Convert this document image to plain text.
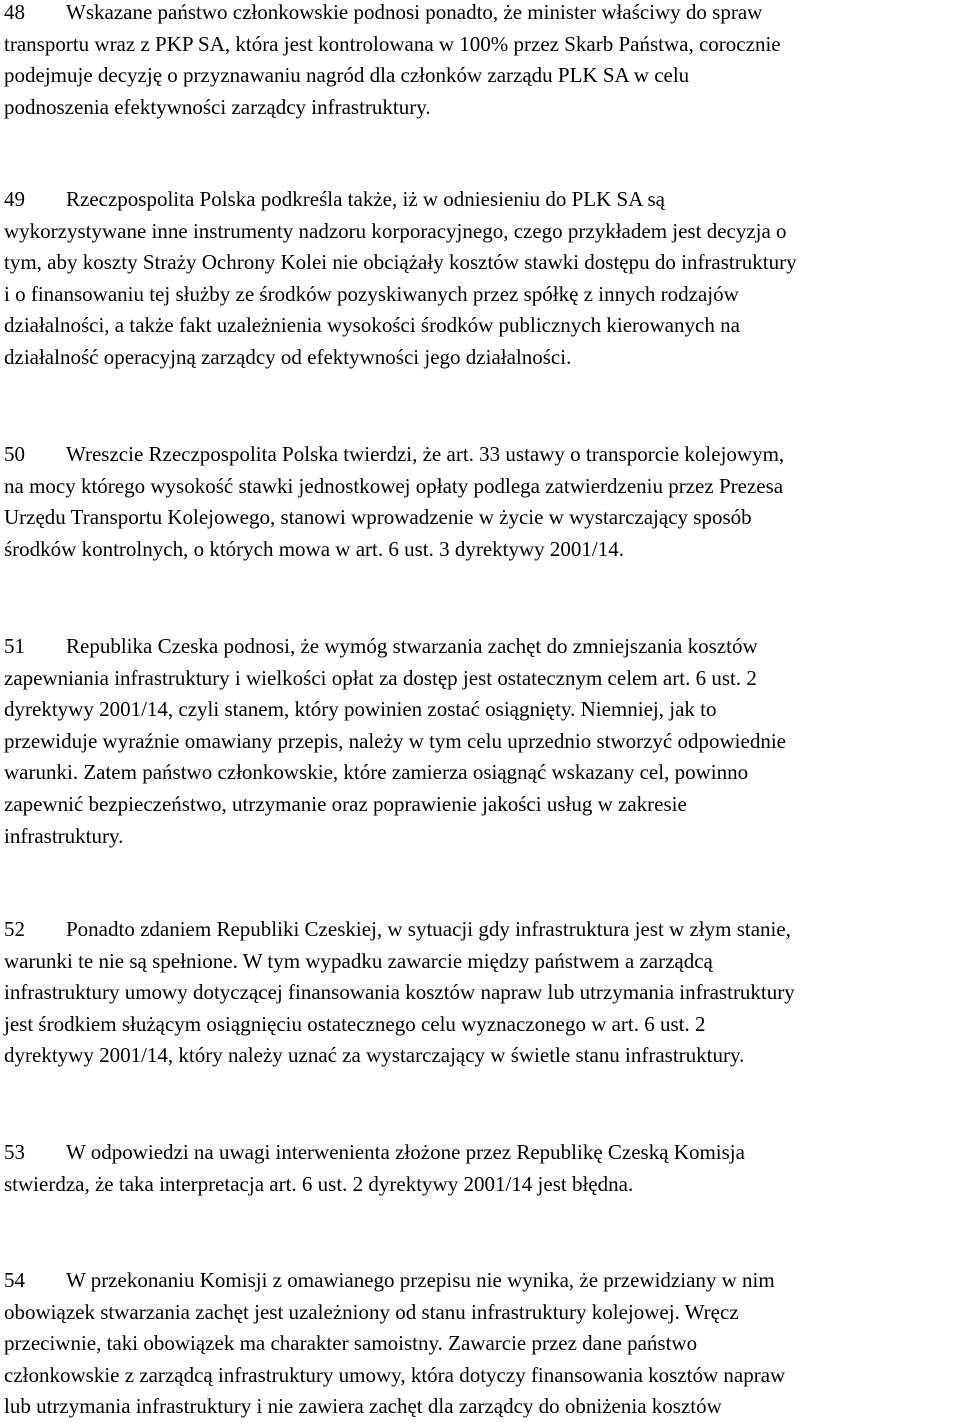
48 Wskazane państwo członkowskie podnosi ponadto, że minister właściwy do spraw
transportu wraz z PKP SA, która jest kontrolowana w 100% przez Skarb Państwa, corocznie
podejmuje decyzję o przyznawaniu nagród dla członków zarządu PLK SA w celu
podnoszenia efektywności zarządcy infrastruktury.
49 Rzeczpospolita Polska podkreśla także, iż w odniesieniu do PLK SA są
wykorzystywane inne instrumenty nadzoru korporacyjnego, czego przykładem jest decyzja o
tym, aby koszty Straży Ochrony Kolei nie obciążały kosztów stawki dostępu do infrastruktury
i o finansowaniu tej służby ze środków pozyskiwanych przez spółkę z innych rodzajów
działalności, a także fakt uzależnienia wysokości środków publicznych kierowanych na
działalność operacyjną zarządcy od efektywności jego działalności.
50 Wreszcie Rzeczpospolita Polska twierdzi, że art. 33 ustawy o transporcie kolejowym,
na mocy którego wysokość stawki jednostkowej opłaty podlega zatwierdzeniu przez Prezesa
Urzędu Transportu Kolejowego, stanowi wprowadzenie w życie w wystarczający sposób
środków kontrolnych, o których mowa w art. 6 ust. 3 dyrektywy 2001/14.
51 Republika Czeska podnosi, że wymóg stwarzania zachęt do zmniejszania kosztów
zapewniania infrastruktury i wielkości opłat za dostęp jest ostatecznym celem art. 6 ust. 2
dyrektywy 2001/14, czyli stanem, który powinien zostać osiągnięty. Niemniej, jak to
przewiduje wyraźnie omawiany przepis, należy w tym celu uprzednio stworzyć odpowiednie
warunki. Zatem państwo członkowskie, które zamierza osiągnąć wskazany cel, powinno
zapewnić bezpieczeństwo, utrzymanie oraz poprawienie jakości usług w zakresie
infrastruktury.
52 Ponadto zdaniem Republiki Czeskiej, w sytuacji gdy infrastruktura jest w złym stanie,
warunki te nie są spełnione. W tym wypadku zawarcie między państwem a zarządcą
infrastruktury umowy dotyczącej finansowania kosztów napraw lub utrzymania infrastruktury
jest środkiem służącym osiągnięciu ostatecznego celu wyznaczonego w art. 6 ust. 2
dyrektywy 2001/14, który należy uznać za wystarczający w świetle stanu infrastruktury.
53 W odpowiedzi na uwagi interwenienta złożone przez Republikę Czeską Komisja
stwierdza, że taka interpretacja art. 6 ust. 2 dyrektywy 2001/14 jest błędna.
54 W przekonaniu Komisji z omawianego przepisu nie wynika, że przewidziany w nim
obowiązek stwarzania zachęt jest uzależniony od stanu infrastruktury kolejowej. Wręcz
przeciwnie, taki obowiązek ma charakter samoistny. Zawarcie przez dane państwo
członkowskie z zarządcą infrastruktury umowy, która dotyczy finansowania kosztów napraw
lub utrzymania infrastruktury i nie zawiera zachęt dla zarządcy do obniżenia kosztów
